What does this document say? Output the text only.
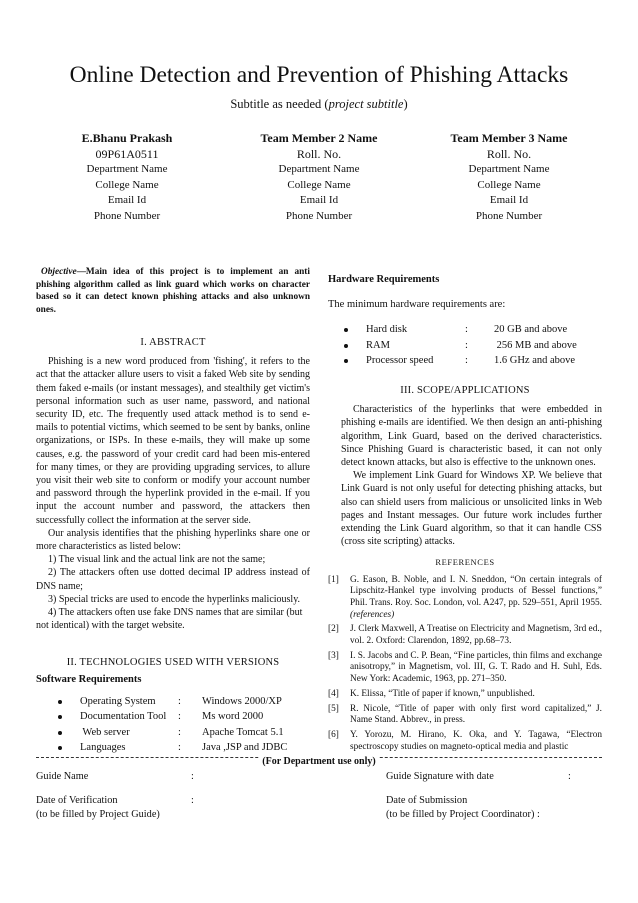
Online Detection and Prevention of Phishing Attacks
Subtitle as needed (project subtitle)
E.Bhanu Prakash
09P61A0511
Department Name
College Name
Email Id
Phone Number
Team Member 2 Name
Roll. No.
Department Name
College Name
Email Id
Phone Number
Team Member 3 Name
Roll. No.
Department Name
College Name
Email Id
Phone Number

Objective—Main idea of this project is to implement an anti phishing algorithm called as link guard which works on character based so it can detect known phishing attacks and also unknown ones.

I. ABSTRACT

Phishing is a new word produced from 'fishing', it refers to the act that the attacker allure users to visit a faked Web site by sending them faked e-mails (or instant messages), and stealthily get victim's personal information such as user name, password, and national security ID, etc. The frequently used attack method is to send e-mails to potential victims, which seemed to be sent by banks, online organizations, or ISPs. In these e-mails, they will make up some causes, e.g. the password of your credit card had been mis-entered for many times, or they are providing upgrading services, to allure you visit their web site to conform or modify your account number and password through the hyperlink provided in the e-mail. If you input the account number and password, the attackers then successfully collect the information at the server side.

Our analysis identifies that the phishing hyperlinks share one or more characteristics as listed below:

1) The visual link and the actual link are not the same;

2) The attackers often use dotted decimal IP address instead of DNS name;

3) Special tricks are used to encode the hyperlinks maliciously.

4) The attackers often use fake DNS names that are similar (but not identical) with the target website.

II. TECHNOLOGIES USED WITH VERSIONS
Software Requirements
Operating System : Windows 2000/XP
Documentation Tool : Ms word 2000
Web server	: Apache Tomcat 5.1
Languages	: Java ,JSP and JDBC
Hardware Requirements
The minimum hardware requirements are:
Hard disk	: 20 GB and above
RAM	: 256 MB and above
Processor speed	: 1.6 GHz and above
III. SCOPE/APPLICATIONS

Characteristics of the hyperlinks that were embedded in phishing e-mails are identified. We then design an anti-phishing algorithm, Link Guard, based on the derived characteristics. Since Phishing Guard is characteristic based, it can not only detect known attacks, but also is effective to the unknown ones.

We implement Link Guard for Windows XP. We believe that Link Guard is not only useful for detecting phishing attacks, but also can shield users from malicious or unsolicited links in Web pages and Instant messages. Our future work includes further extending the Link Guard algorithm, so that it can handle CSS (cross site scripting) attacks.

REFERENCES
[1] G. Eason, B. Noble, and I. N. Sneddon, “On certain integrals of Lipschitz-Hankel type involving products of Bessel functions,” Phil. Trans. Roy. Soc. London, vol. A247, pp. 529–551, April 1955. (references)
[2] J. Clerk Maxwell, A Treatise on Electricity and Magnetism, 3rd ed., vol. 2. Oxford: Clarendon, 1892, pp.68–73.
[3] I. S. Jacobs and C. P. Bean, “Fine particles, thin films and exchange anisotropy,” in Magnetism, vol. III, G. T. Rado and H. Suhl, Eds. New York: Academic, 1963, pp. 271–350.
[4] K. Elissa, “Title of paper if known,” unpublished.
[5] R. Nicole, “Title of paper with only first word capitalized,” J. Name Stand. Abbrev., in press.
[6] Y. Yorozu, M. Hirano, K. Oka, and Y. Tagawa, “Electron spectroscopy studies on magneto-optical media and plastic
(For Department use only)
Guide Name	:	Guide Signature with date	:
Date of Verification	:	Date of Submission
(to be filled by Project Guide)	(to be filled by Project Coordinator) :
